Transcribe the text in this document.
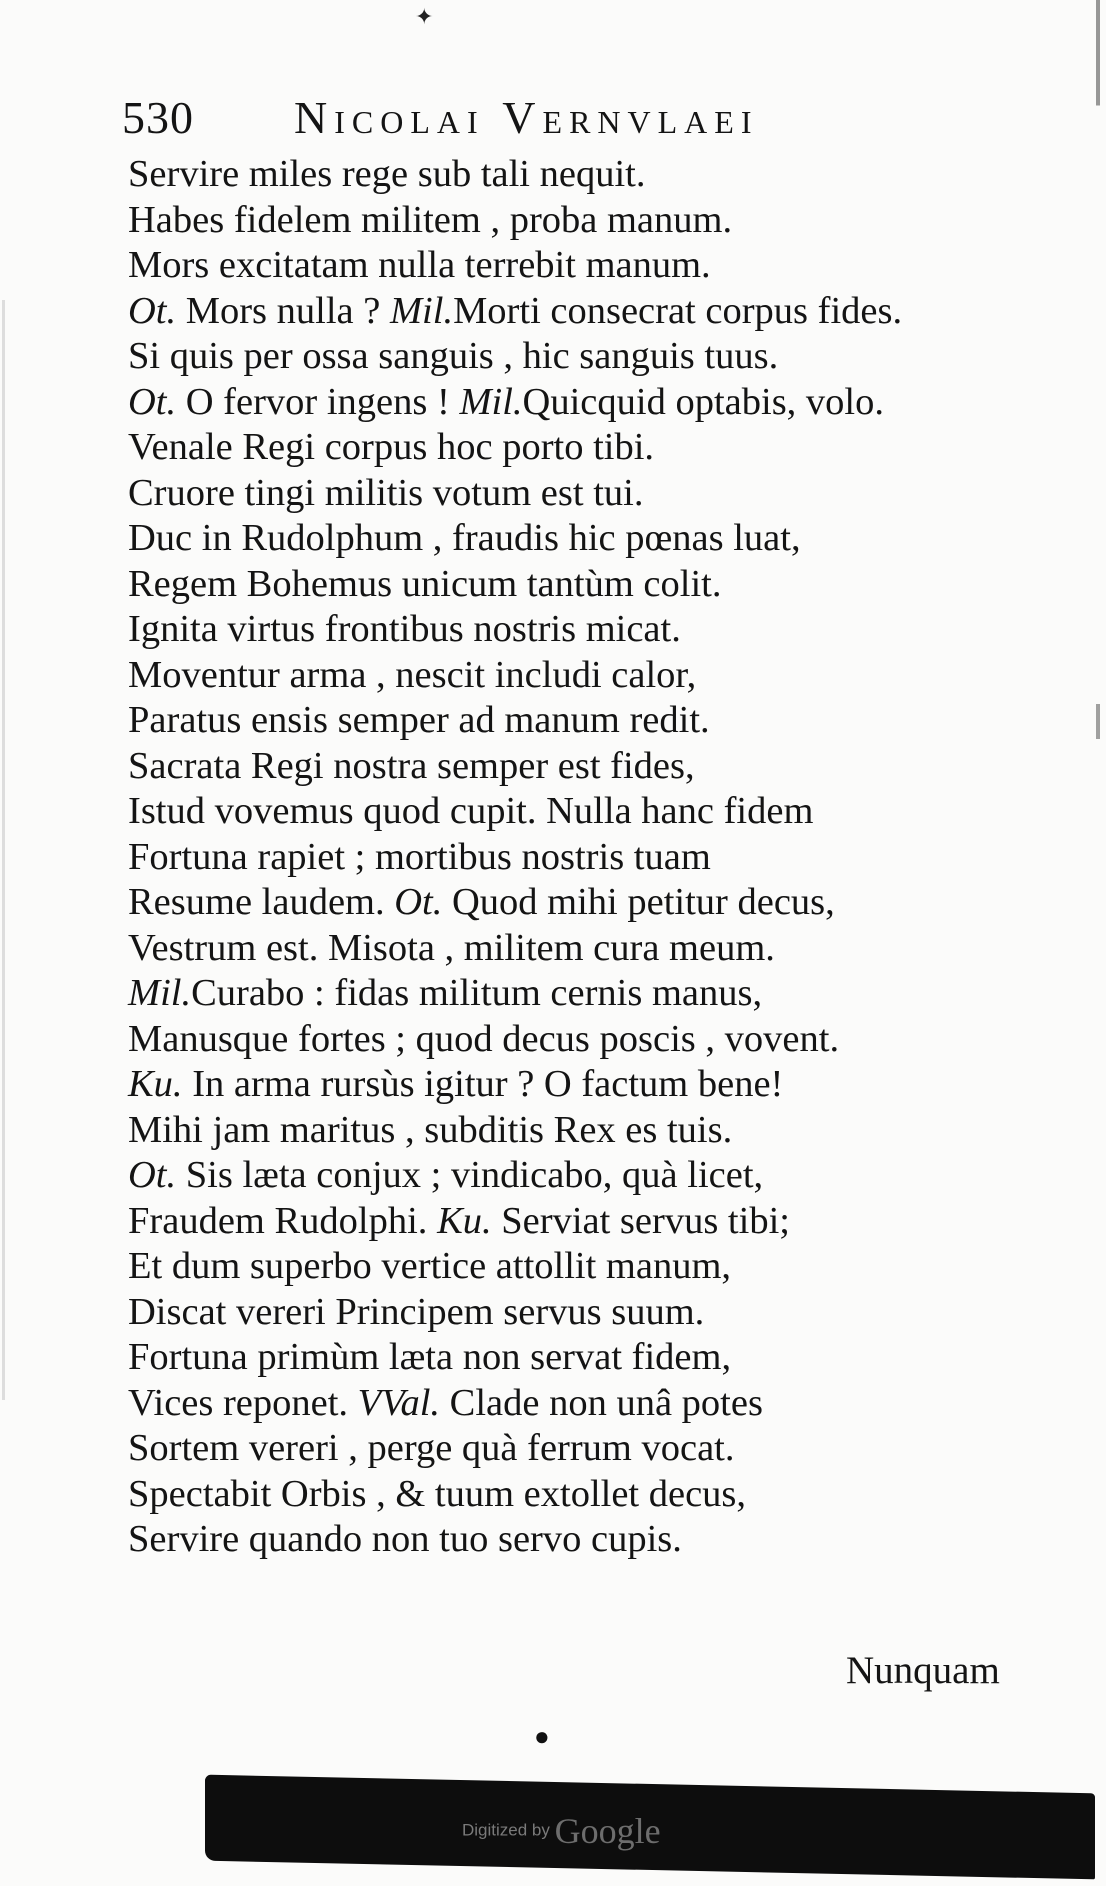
✦
530 Nicolai Vernvlaei
Servire miles rege sub tali nequit.
Habes fidelem militem , proba manum.
Mors excitatam nulla terrebit manum.
Ot. Mors nulla ? Mil.Morti consecrat corpus fides.
Si quis per ossa sanguis , hic sanguis tuus.
Ot. O fervor ingens ! Mil.Quicquid optabis, volo.
Venale Regi corpus hoc porto tibi.
Cruore tingi militis votum est tui.
Duc in Rudolphum , fraudis hic pœnas luat,
Regem Bohemus unicum tantùm colit.
Ignita virtus frontibus nostris micat.
Moventur arma , nescit includi calor,
Paratus ensis semper ad manum redit.
Sacrata Regi nostra semper est fides,
Istud vovemus quod cupit. Nulla hanc fidem
Fortuna rapiet ; mortibus nostris tuam
Resume laudem. Ot. Quod mihi petitur decus,
Vestrum est. Misota , militem cura meum.
Mil.Curabo : fidas militum cernis manus,
Manusque fortes ; quod decus poscis , vovent.
Ku. In arma rursùs igitur ? O factum bene!
Mihi jam maritus , subditis Rex es tuis.
Ot. Sis læta conjux ; vindicabo, quà licet,
Fraudem Rudolphi. Ku. Serviat servus tibi;
Et dum superbo vertice attollit manum,
Discat vereri Principem servus suum.
Fortuna primùm læta non servat fidem,
Vices reponet. VVal. Clade non unâ potes
Sortem vereri , perge quà ferrum vocat.
Spectabit Orbis , & tuum extollet decus,
Servire quando non tuo servo cupis.
Nunquam
●
Digitized by Google
